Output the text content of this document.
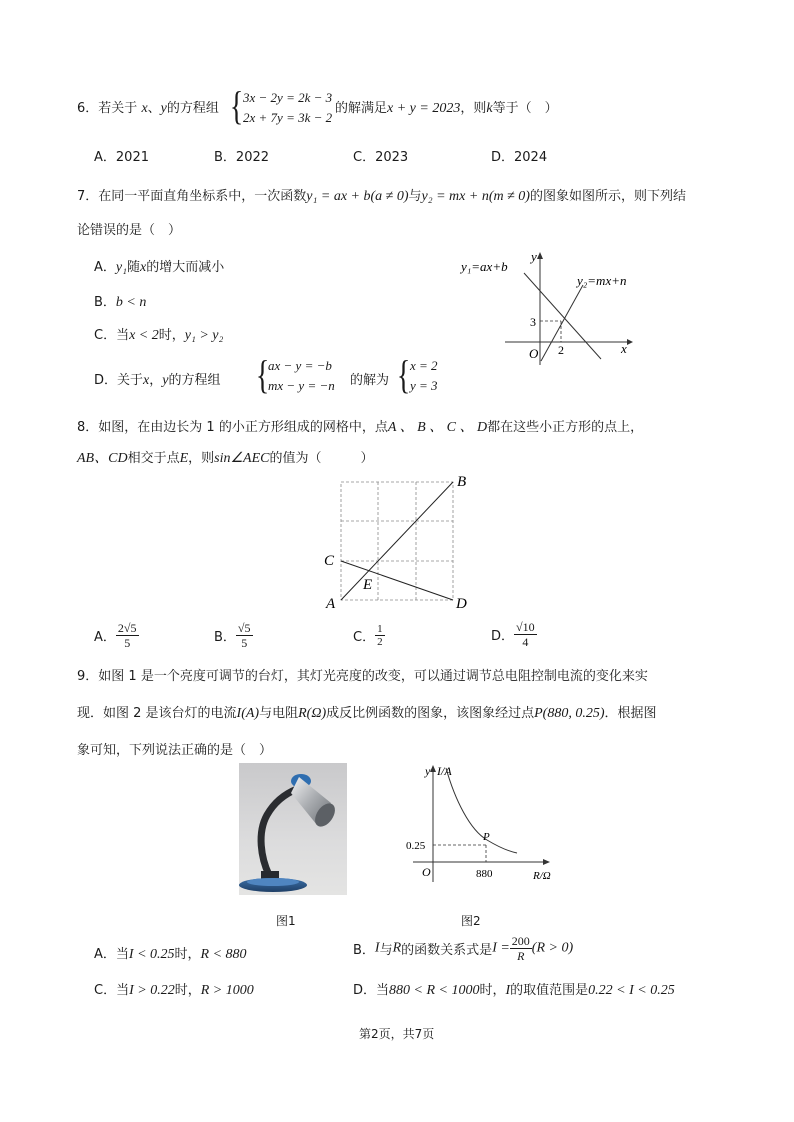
6．若关于 x、y的方程组 { 3x − 2y = 2k − 3
2x + 7y = 3k − 2
的解满足x + y = 2023，则k等于（　）
A．2021	B．2022	C．2023	D．2024
7．在同一平面直角坐标系中，一次函数y₁ = ax + b(a ≠ 0)与y₂ = mx + n(m ≠ 0)的图象如图所示，则下列结
论错误的是（　）
A．y₁随x的增大而减小
B．b < n
C．当x < 2时，y₁ > y₂
D．关于x，y的方程组 {
ax − y = −b
mx − y = −n 的解为 { x = 2
y = 3
y₁=ax+b
y₂=mx+n
y
x
O
3
2
8．如图，在由边长为 1 的小正方形组成的网格中，点A 、 B 、 C 、 D都在这些小正方形的点上，
AB、CD相交于点E，则sin∠AEC的值为（　　　）
B
C
E
A	D
A． $\frac{2√5}{5}$	B． $\frac{√5}{5}$	C． $\frac{1}{2}$	D． $\frac{√10}{4}$
9．如图 1 是一个亮度可调节的台灯，其灯光亮度的改变，可以通过调节总电阻控制电流的变化来实
现．如图 2 是该台灯的电流I(A)与电阻R(Ω)成反比例函数的图象，该图象经过点P(880, 0.25)．根据图
象可知，下列说法正确的是（　）
图1
y I/A
R/Ω
O
P
0.25
880
图2
A．当I < 0.25时，R < 880	B．I与R的函数关系式是$I = \frac{200}{R} (R > 0)$
C．当I > 0.22时，R > 1000	D．当880 < R < 1000时，I的取值范围是0.22 < I < 0.25
第2页，共7页
